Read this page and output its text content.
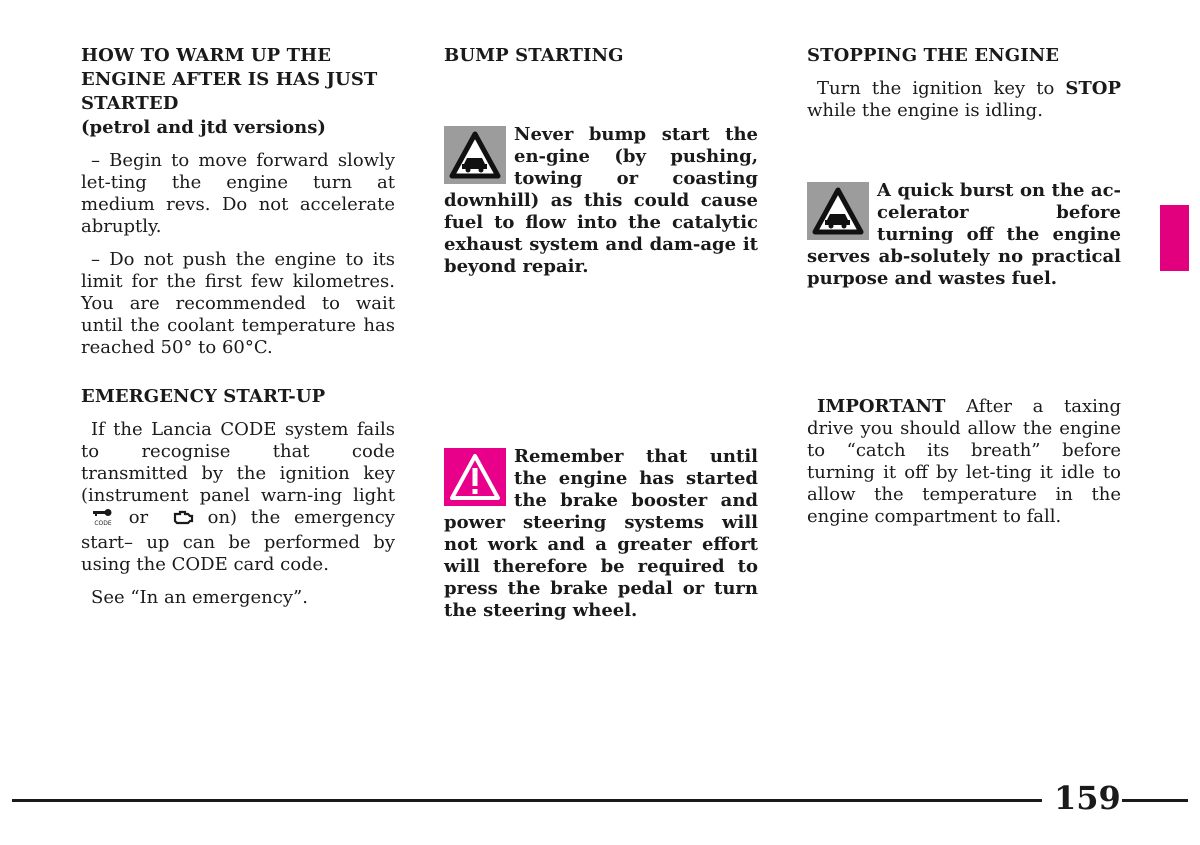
HOW TO WARM UP THE ENGINE AFTER IS HAS JUST STARTED
(petrol and jtd versions)

– Begin to move forward slowly let-ting the engine turn at medium revs. Do not accelerate abruptly.

– Do not push the engine to its limit for the first few kilometres. You are recommended to wait until the coolant temperature has reached 50° to 60°C.

EMERGENCY START-UP

If the Lancia CODE system fails to recognise that code transmitted by the ignition key (instrument panel warn-ing light
CODE or	on) the emergency start– up can be performed by using the CODE card code.

See “In an emergency”.

BUMP STARTING

Never bump start the en-gine (by pushing, towing or coasting downhill) as this could cause fuel to flow into the catalytic exhaust system and dam-age it beyond repair.

Remember that until the engine has started the brake booster and power steering systems will not work and a greater effort will therefore be required to press the brake pedal or turn the steering wheel.

STOPPING THE ENGINE

Turn the ignition key to STOP while the engine is idling.

A quick burst on the ac-celerator before turning off the engine serves ab-solutely no practical purpose and wastes fuel.

IMPORTANT After a taxing drive you should allow the engine to “catch its breath” before turning it off by let-ting it idle to allow the temperature in the engine compartment to fall.

159
